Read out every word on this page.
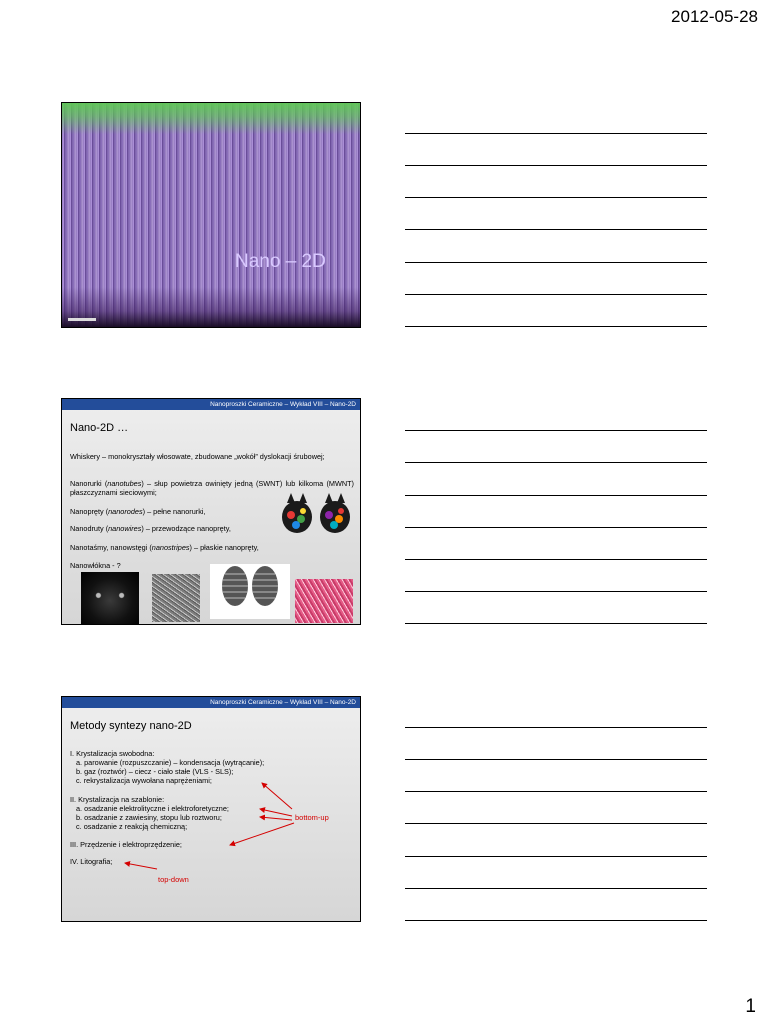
2012-05-28
Nano – 2D
Nanoproszki Ceramiczne – Wykład VIII – Nano-2D
Nano-2D …
Whiskery – monokryształy włosowate, zbudowane „wokół” dyslokacji śrubowej;
Nanorurki (nanotubes) – słup powietrza owinięty jedną (SWNT) lub kilkoma (MWNT) płaszczyznami sieciowymi;
Nanopręty (nanorodes) – pełne nanorurki,
Nanodruty (nanowires) – przewodzące nanopręty,
Nanotaśmy, nanowstęgi (nanostripes) – płaskie nanopręty,
Nanowłókna - ?
Nanoproszki Ceramiczne – Wykład VIII – Nano-2D
Metody syntezy nano-2D
I. Krystalizacja swobodna:
a. parowanie (rozpuszczanie) – kondensacja (wytrącanie);
b. gaz (roztwór) – ciecz - ciało stałe (VLS - SLS);
c. rekrystalizacja wywołana naprężeniami;
II. Krystalizacja na szablonie:
a. osadzanie elektrolityczne i elektroforetyczne;
b. osadzanie z zawiesiny, stopu lub roztworu;
c. osadzanie z reakcją chemiczną;
III. Przędzenie i elektroprzędzenie;
IV. Litografia;
bottom-up
top-down
1
